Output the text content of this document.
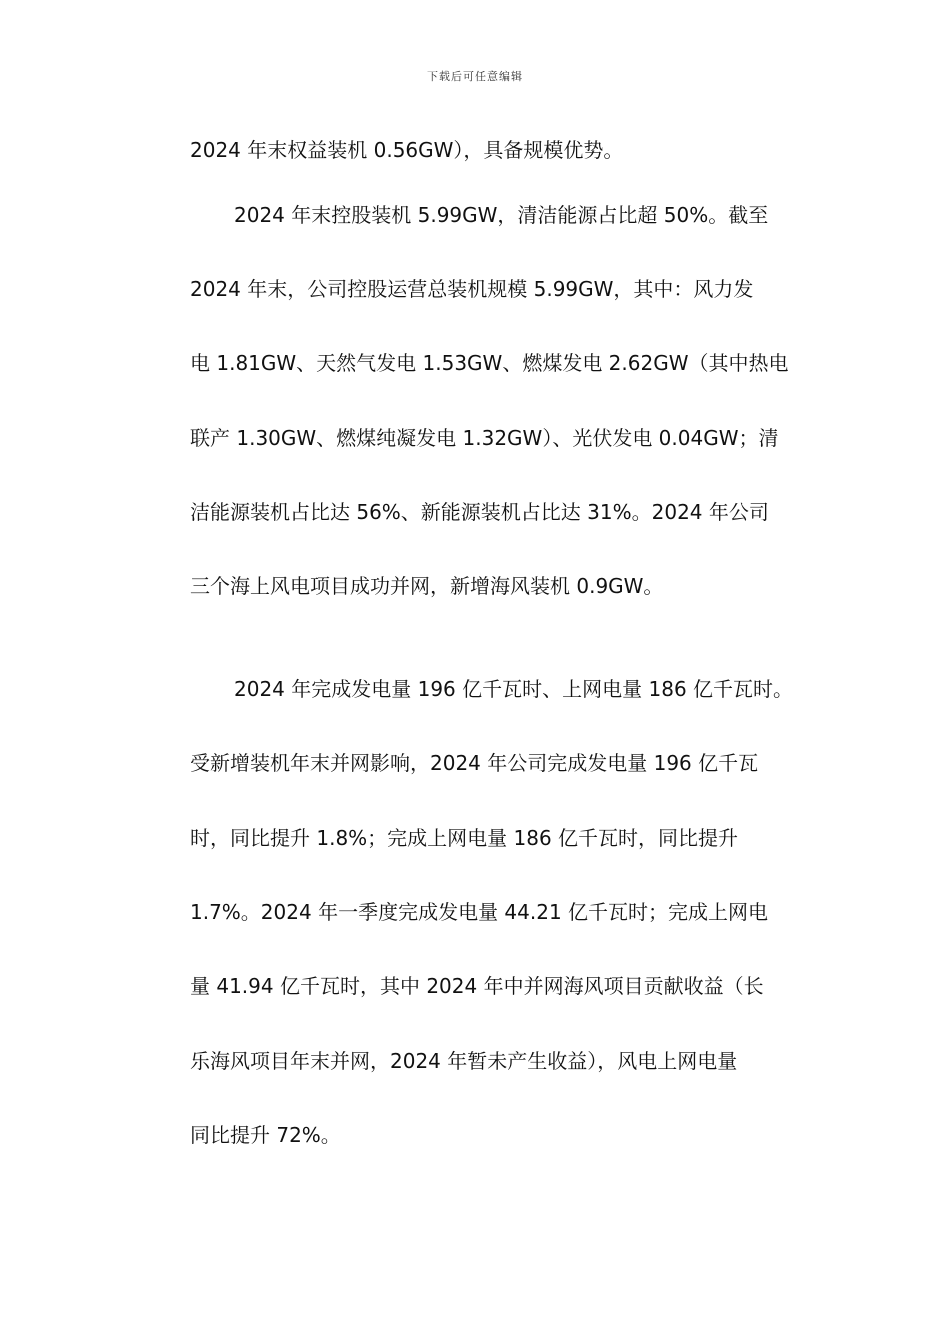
下载后可任意编辑
2024 年末权益装机 0.56GW），具备规模优势。
2024 年末控股装机 5.99GW，清洁能源占比超 50%。截至
2024 年末，公司控股运营总装机规模 5.99GW，其中：风力发
电 1.81GW、天然气发电 1.53GW、燃煤发电 2.62GW（其中热电
联产 1.30GW、燃煤纯凝发电 1.32GW）、光伏发电 0.04GW；清
洁能源装机占比达 56%、新能源装机占比达 31%。2024 年公司
三个海上风电项目成功并网，新增海风装机 0.9GW。
2024 年完成发电量 196 亿千瓦时、上网电量 186 亿千瓦时。
受新增装机年末并网影响，2024 年公司完成发电量 196 亿千瓦
时，同比提升 1.8%；完成上网电量 186 亿千瓦时，同比提升
1.7%。2024 年一季度完成发电量 44.21 亿千瓦时；完成上网电
量 41.94 亿千瓦时，其中 2024 年中并网海风项目贡献收益（长
乐海风项目年末并网，2024 年暂未产生收益），风电上网电量
同比提升 72%。
